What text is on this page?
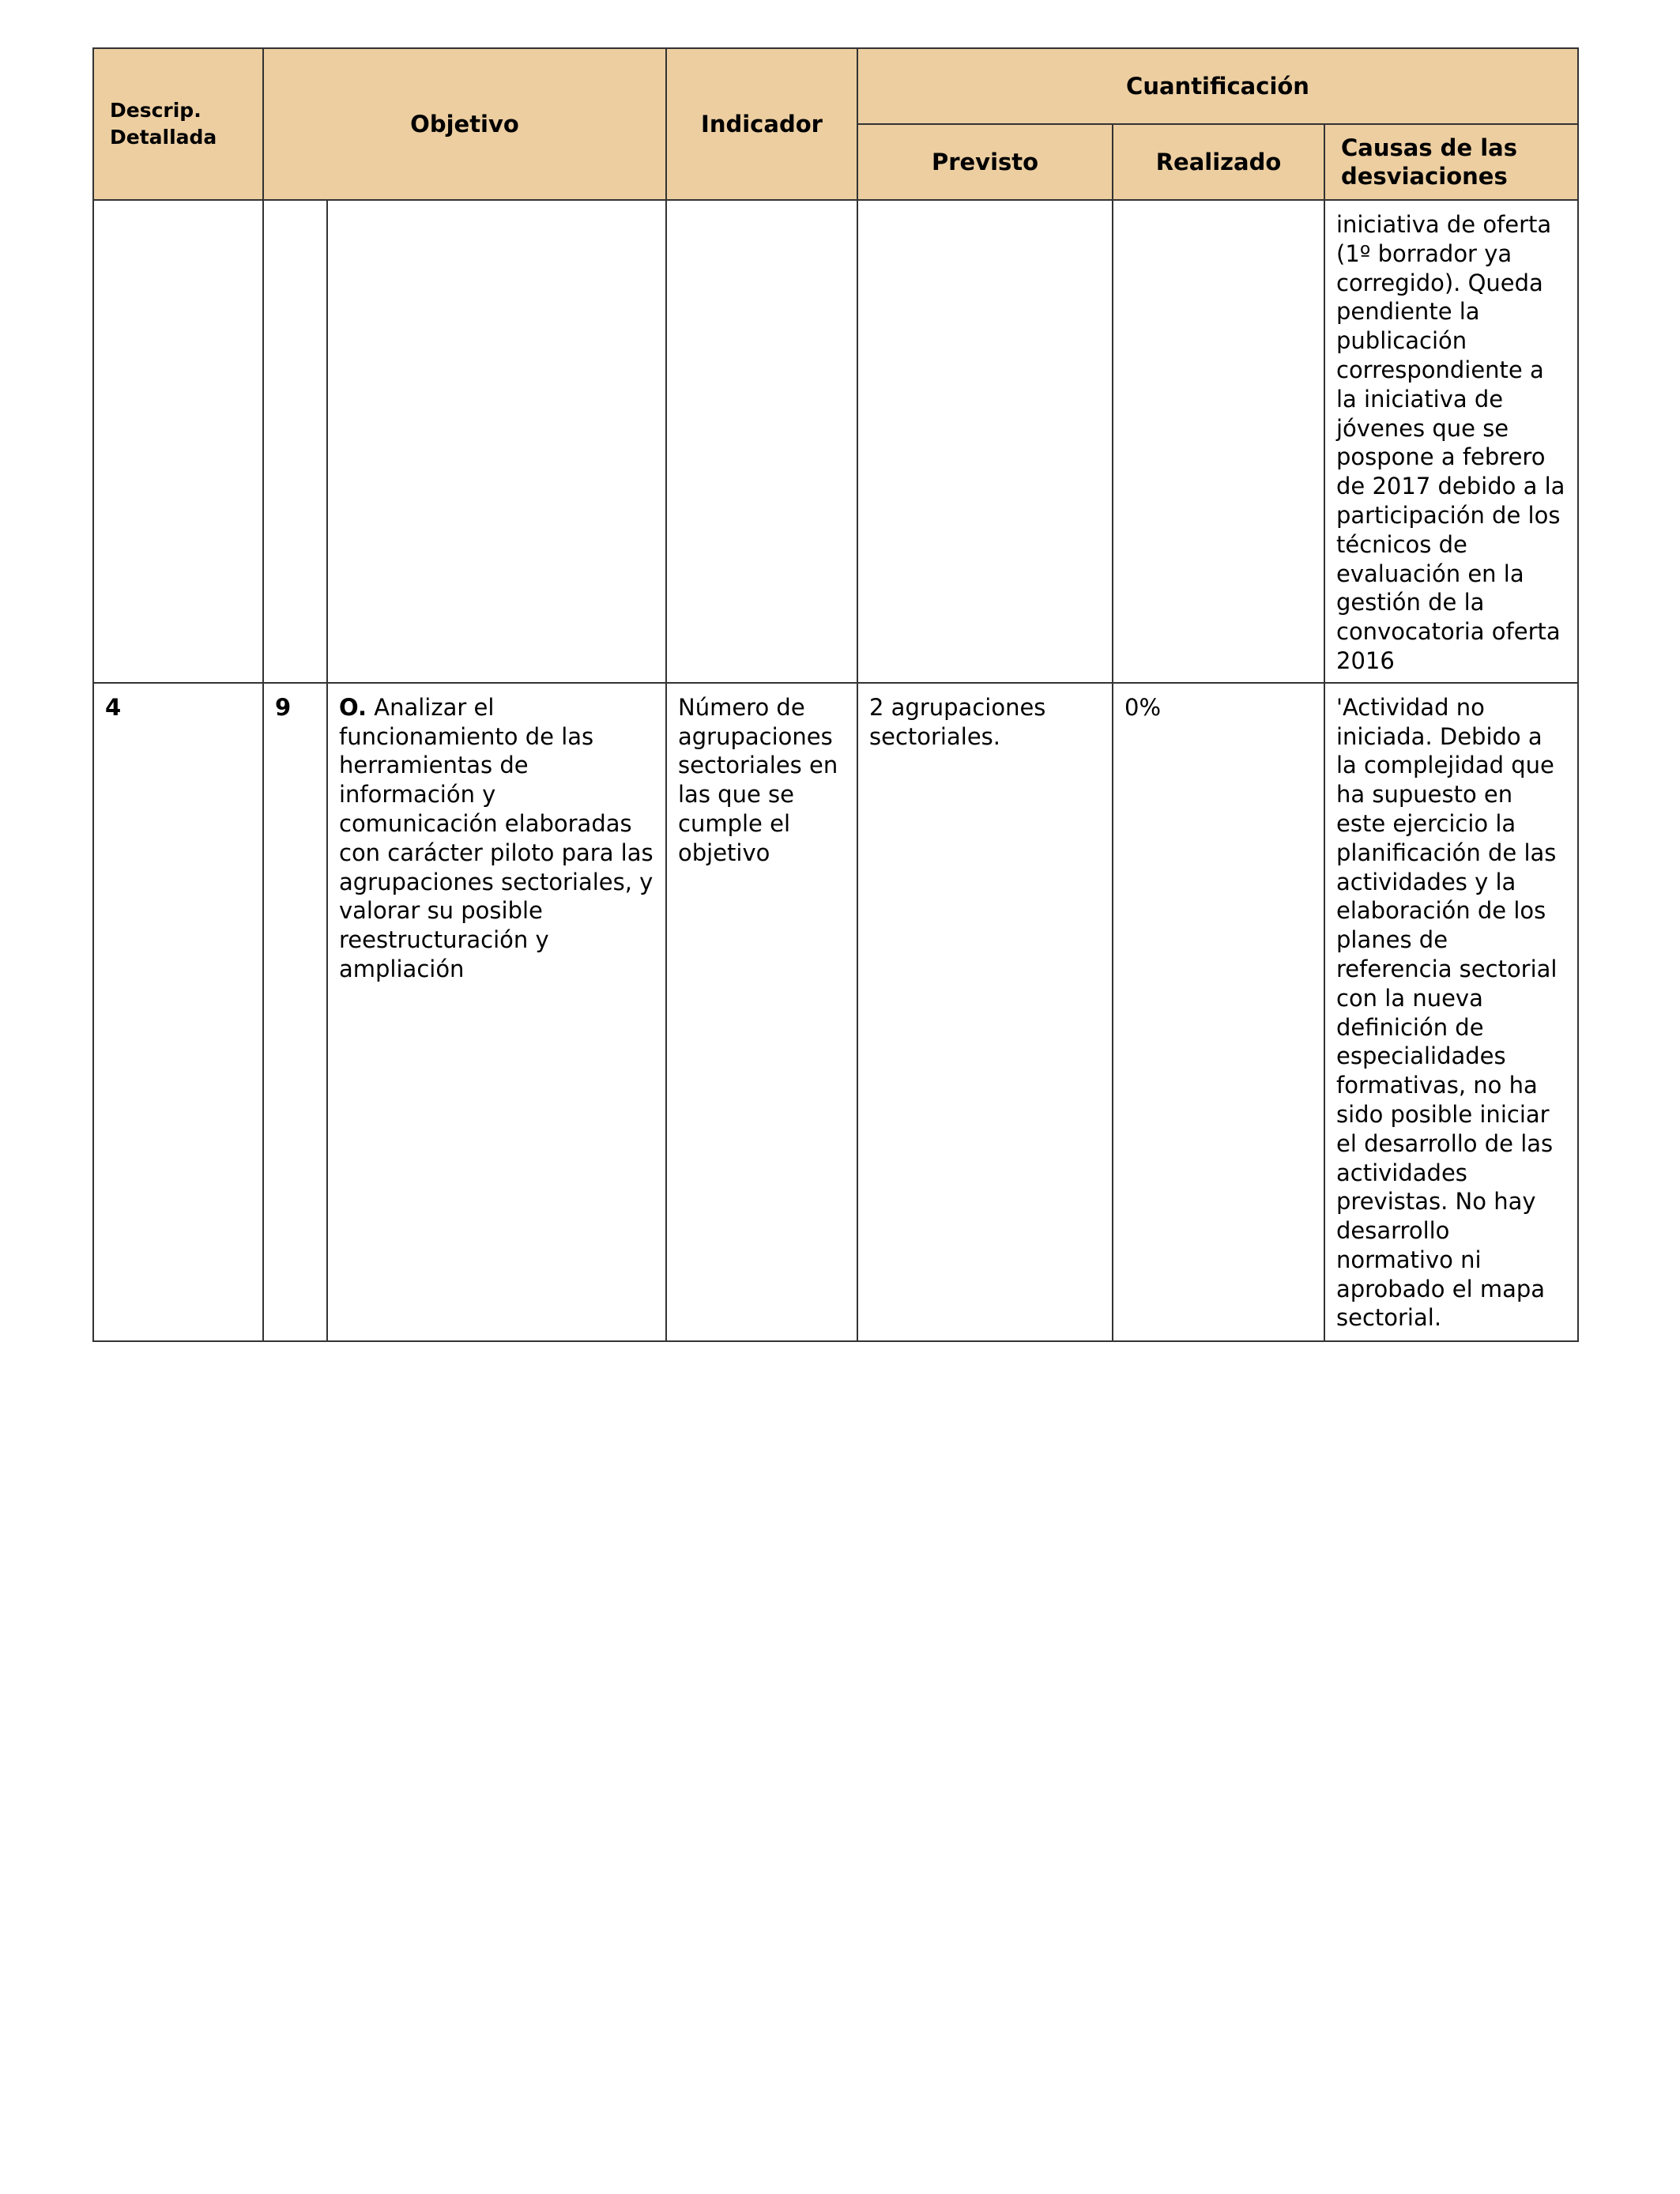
Descrip. Detallada	Objetivo		Indicador	Cuantificación		
				Previsto	Realizado	Causas de las desviaciones
						iniciativa de oferta (1º borrador ya corregido). Queda pendiente la publicación correspondiente a la iniciativa de jóvenes que se pospone a febrero de 2017 debido a la participación de los técnicos de evaluación en la gestión de la convocatoria oferta 2016
4	9	O. Analizar el funcionamiento de las herramientas de información y comunicación elaboradas con carácter piloto para las agrupaciones sectoriales, y valorar su posible reestructuración y ampliación	Número de agrupaciones sectoriales en las que se cumple el objetivo	2 agrupaciones sectoriales.	0%	'Actividad no iniciada. Debido a la complejidad que ha supuesto en este ejercicio la planificación de las actividades y la elaboración de los planes de referencia sectorial con la nueva definición de especialidades formativas, no ha sido posible iniciar el desarrollo de las actividades previstas. No hay desarrollo normativo ni aprobado el mapa sectorial.
